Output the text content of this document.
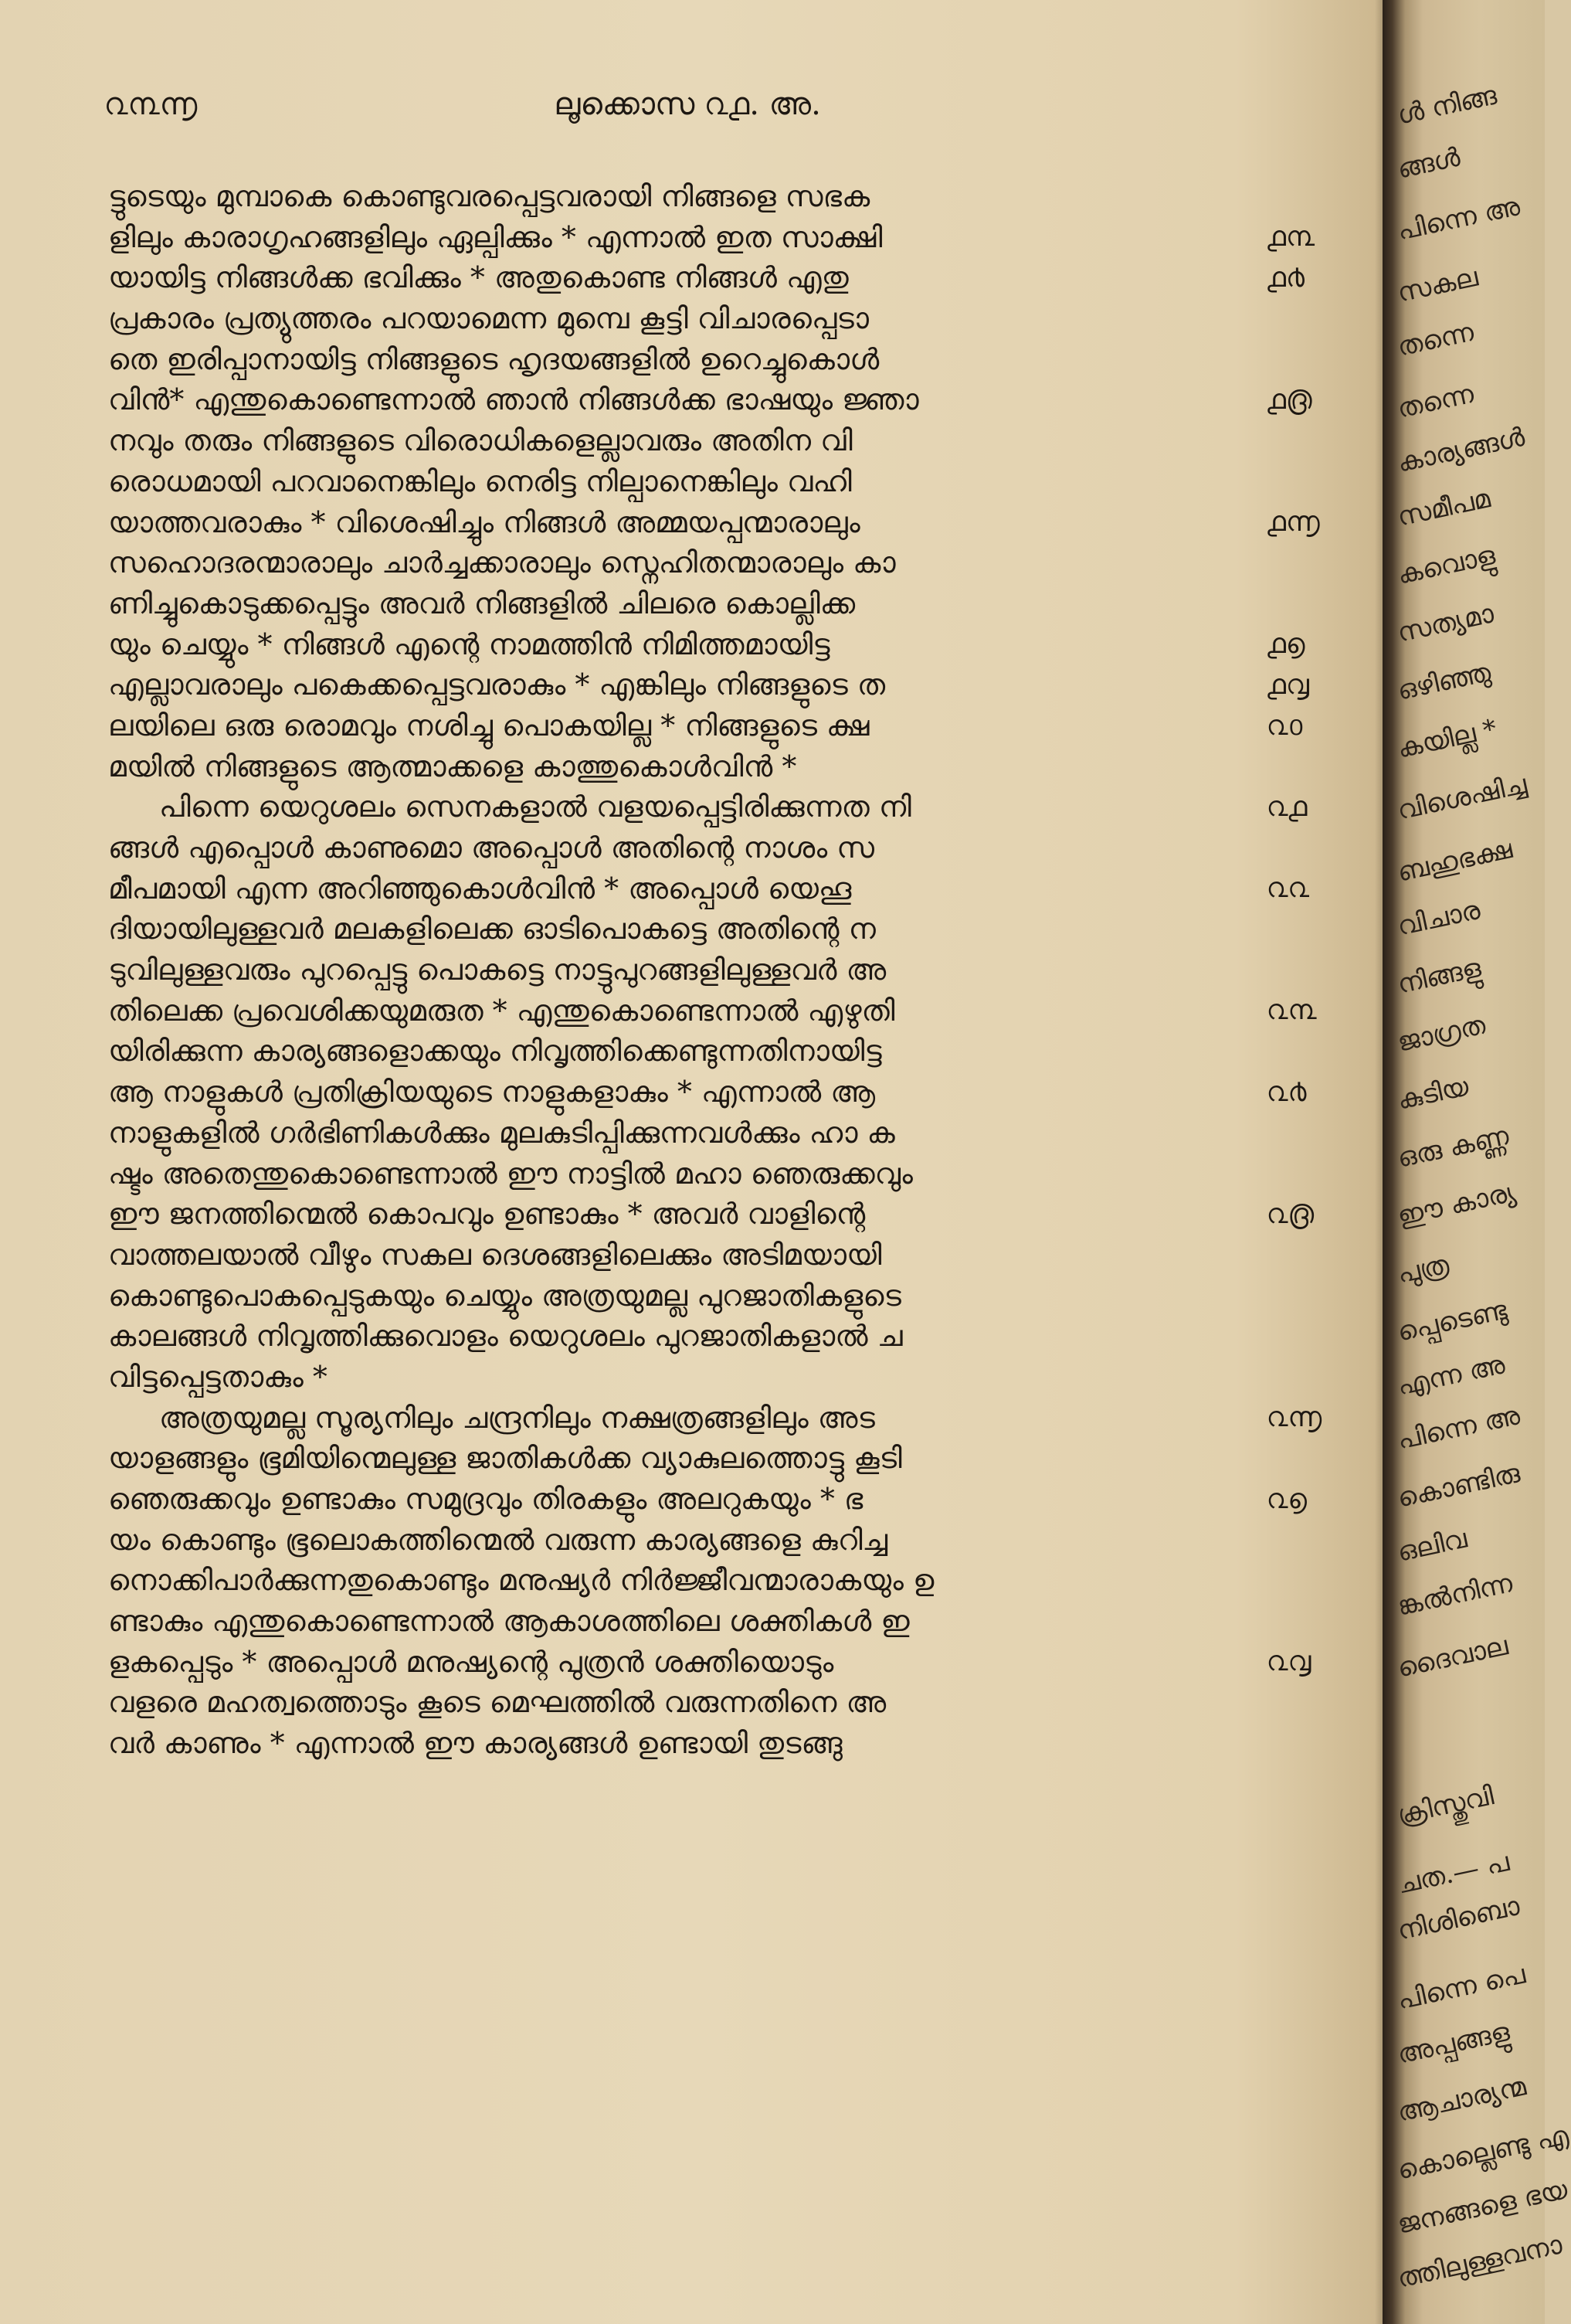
൨൩൬	ലൂക്കൊസ ൨൧. അ.
ട്ടുടെയും മുമ്പാകെ കൊണ്ടുവരപ്പെട്ടവരായി നിങ്ങളെ സഭക
ളിലും കാരാഗൃഹങ്ങളിലും ഏല്പിക്കും * എന്നാൽ ഇത സാക്ഷി
യായിട്ട നിങ്ങൾക്ക ഭവിക്കും * അതുകൊണ്ട നിങ്ങൾ എതു
പ്രകാരം പ്രത്യുത്തരം പറയാമെന്ന മുമ്പെ കൂട്ടി വിചാരപ്പെടാ
തെ ഇരിപ്പാനായിട്ട നിങ്ങളുടെ ഹൃദയങ്ങളിൽ ഉറെച്ചുകൊൾ
വിൻ* എന്തുകൊണ്ടെന്നാൽ ഞാൻ നിങ്ങൾക്ക ഭാഷയും ജ്ഞാ
നവും തരും നിങ്ങളുടെ വിരൊധികളെല്ലാവരും അതിന വി
രൊധമായി പറവാനെങ്കിലും നെരിട്ട നില്പാനെങ്കിലും വഹി
യാത്തവരാകും * വിശെഷിച്ചും നിങ്ങൾ അമ്മയപ്പന്മാരാലും
സഹൊദരന്മാരാലും ചാർച്ചക്കാരാലും സ്നെഹിതന്മാരാലും കാ
ണിച്ചുകൊടുക്കപ്പെട്ടും അവർ നിങ്ങളിൽ ചിലരെ കൊല്ലിക്ക
യും ചെയ്യും * നിങ്ങൾ എന്റെ നാമത്തിൻ നിമിത്തമായിട്ട
എല്ലാവരാലും പകെക്കപ്പെട്ടവരാകും * എങ്കിലും നിങ്ങളുടെ ത
ലയിലെ ഒരു രൊമവും നശിച്ചു പൊകയില്ല * നിങ്ങളുടെ ക്ഷ
മയിൽ നിങ്ങളുടെ ആത്മാക്കളെ കാത്തുകൊൾവിൻ *
പിന്നെ യെറുശലം സെനകളാൽ വളയപ്പെട്ടിരിക്കുന്നത നി
ങ്ങൾ എപ്പൊൾ കാണുമൊ അപ്പൊൾ അതിന്റെ നാശം സ
മീപമായി എന്ന അറിഞ്ഞുകൊൾവിൻ * അപ്പൊൾ യെഹൂ
ദിയായിലുള്ളവർ മലകളിലെക്ക ഓടിപൊകട്ടെ അതിന്റെ ന
ടുവിലുള്ളവരും പുറപ്പെട്ടു പൊകട്ടെ നാട്ടുപുറങ്ങളിലുള്ളവർ അ
തിലെക്ക പ്രവെശിക്കയുമരുത * എന്തുകൊണ്ടെന്നാൽ എഴുതി
യിരിക്കുന്ന കാര്യങ്ങളൊക്കയും നിവൃത്തിക്കെണ്ടുന്നതിനായിട്ട
ആ നാളുകൾ പ്രതിക്രിയയുടെ നാളുകളാകും * എന്നാൽ ആ
നാളുകളിൽ ഗർഭിണികൾക്കും മുലകുടിപ്പിക്കുന്നവൾക്കും ഹാ ക
ഷ്ടം അതെന്തുകൊണ്ടെന്നാൽ ഈ നാട്ടിൽ മഹാ ഞെരുക്കവും
ഈ ജനത്തിന്മെൽ കൊപവും ഉണ്ടാകും * അവർ വാളിന്റെ
വാത്തലയാൽ വീഴും സകല ദെശങ്ങളിലെക്കും അടിമയായി
കൊണ്ടുപൊകപ്പെടുകയും ചെയ്യും അത്രയുമല്ല പുറജാതികളുടെ
കാലങ്ങൾ നിവൃത്തിക്കുവൊളം യെറുശലം പുറജാതികളാൽ ച
വിട്ടപ്പെട്ടതാകും *
അത്രയുമല്ല സൂര്യനിലും ചന്ദ്രനിലും നക്ഷത്രങ്ങളിലും അട
യാളങ്ങളും ഭൂമിയിന്മെലുള്ള ജാതികൾക്ക വ്യാകുലത്തൊട്ടു കൂടി
ഞെരുക്കവും ഉണ്ടാകും സമുദ്രവും തിരകളും അലറുകയും * ഭ
യം കൊണ്ടും ഭൂലൊകത്തിന്മെൽ വരുന്ന കാര്യങ്ങളെ കുറിച്ച
നൊക്കിപാർക്കുന്നതുകൊണ്ടും മനുഷ്യർ നിർജ്ജീവന്മാരാകയും ഉ
ണ്ടാകും എന്തുകൊണ്ടെന്നാൽ ആകാശത്തിലെ ശക്തികൾ ഇ
ളകപ്പെടും * അപ്പൊൾ മനുഷ്യന്റെ പുത്രൻ ശക്തിയൊടും
വളരെ മഹത്വത്തൊടും കൂടെ മെഘത്തിൽ വരുന്നതിനെ അ
വർ കാണും * എന്നാൽ ഈ കാര്യങ്ങൾ ഉണ്ടായി തുടങ്ങു
൧൩
൧൪
൧൫
൧൬
൧൭
൧൮
൨൦
൨൧
൨൨
൨൩
൨൪
൨൫
൨൬
൨൭
൨൮
ൾ നിങ്ങ
ങ്ങൾ
പിന്നെ അ
സകല
തന്നെ
തന്നെ
കാര്യങ്ങൾ
സമീപമ
കവൊളു
സത്യമാ
ഒഴിഞ്ഞു
കയില്ല *
വിശെഷിച്ച
ബഹുഭക്ഷ
വിചാര
നിങ്ങളു
ജാഗ്രത
കുടിയ
ഒരു കണ്ണ
ഈ കാര്യ
പുത്ര
പ്പെടെണ്ടു
എന്ന അ
പിന്നെ അ
കൊണ്ടിരു
ഒലിവ
ങ്കൽനിന്ന
ദൈവാല
ക്രിസ്തുവി
ചത.— പ
നിശിബൊ
പിന്നെ പെ
അപ്പങ്ങളു
ആചാര്യന്മ
കൊല്ലെണ്ടു എ
ജനങ്ങളെ ഭയ
ത്തിലുള്ളവനാ
